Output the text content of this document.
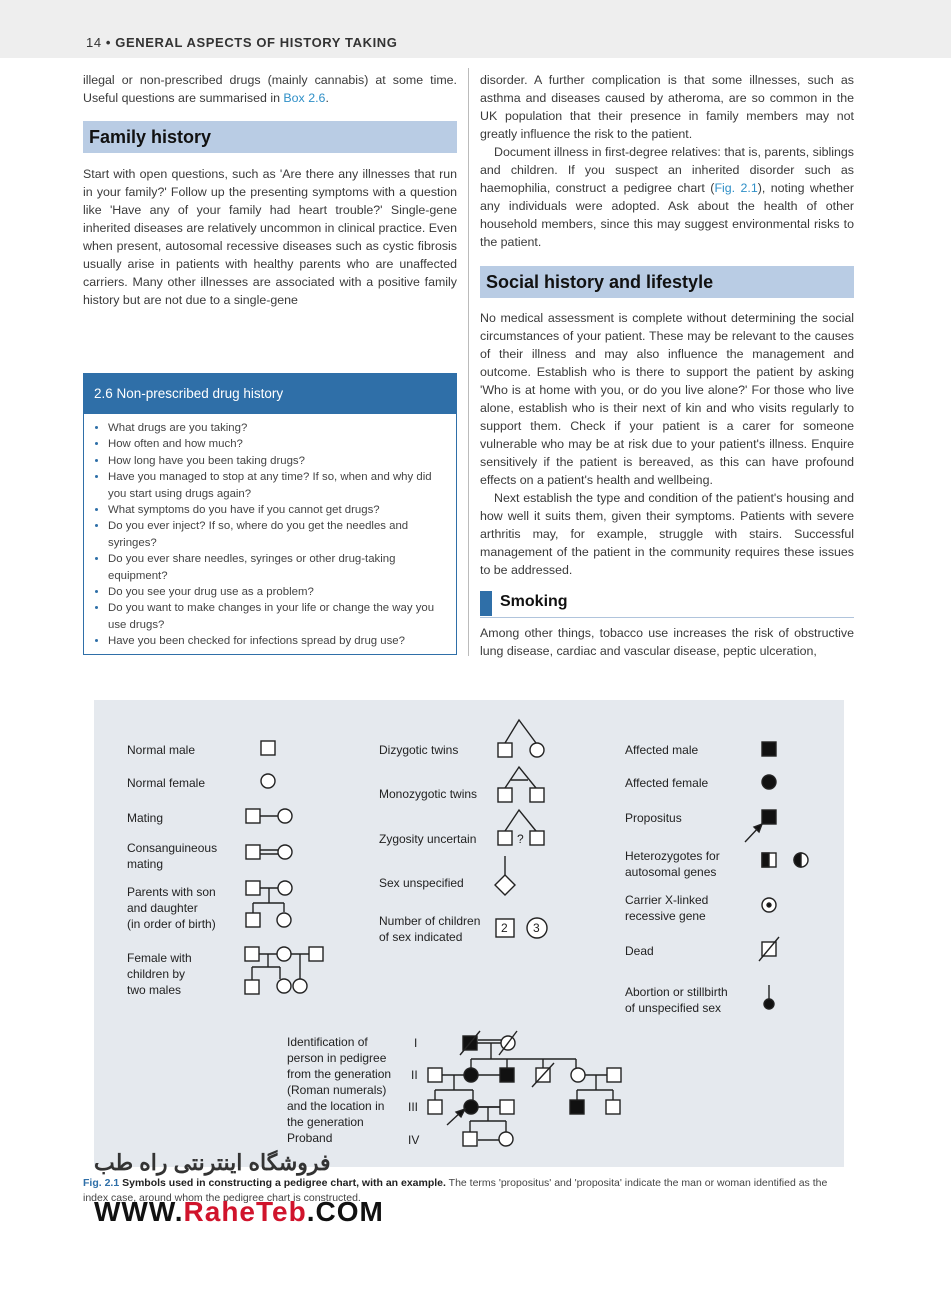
14 • GENERAL ASPECTS OF HISTORY TAKING

illegal or non-prescribed drugs (mainly cannabis) at some time. Useful questions are summarised in Box 2.6.

Family history

Start with open questions, such as 'Are there any illnesses that run in your family?' Follow up the presenting symptoms with a question like 'Have any of your family had heart trouble?' Single-gene inherited diseases are relatively uncommon in clinical practice. Even when present, autosomal recessive diseases such as cystic fibrosis usually arise in patients with healthy parents who are unaffected carriers. Many other illnesses are associated with a positive family history but are not due to a single-gene

2.6 Non-prescribed drug history
• What drugs are you taking?
• How often and how much?
• How long have you been taking drugs?
• Have you managed to stop at any time? If so, when and why did you start using drugs again?
• What symptoms do you have if you cannot get drugs?
• Do you ever inject? If so, where do you get the needles and syringes?
• Do you ever share needles, syringes or other drug-taking equipment?
• Do you see your drug use as a problem?
• Do you want to make changes in your life or change the way you use drugs?
• Have you been checked for infections spread by drug use?

disorder. A further complication is that some illnesses, such as asthma and diseases caused by atheroma, are so common in the UK population that their presence in family members may not greatly influence the risk to the patient.

Document illness in first-degree relatives: that is, parents, siblings and children. If you suspect an inherited disorder such as haemophilia, construct a pedigree chart (Fig. 2.1), noting whether any individuals were adopted. Ask about the health of other household members, since this may suggest environmental risks to the patient.

Social history and lifestyle

No medical assessment is complete without determining the social circumstances of your patient. These may be relevant to the causes of their illness and may also influence the management and outcome. Establish who is there to support the patient by asking 'Who is at home with you, or do you live alone?' For those who live alone, establish who is their next of kin and who visits regularly to support them. Check if your patient is a carer for someone vulnerable who may be at risk due to your patient's illness. Enquire sensitively if the patient is bereaved, as this can have profound effects on a patient's health and wellbeing.

Next establish the type and condition of the patient's housing and how well it suits them, given their symptoms. Patients with severe arthritis may, for example, struggle with stairs. Successful management of the patient in the community requires these issues to be addressed.

Smoking

Among other things, tobacco use increases the risk of obstructive lung disease, cardiac and vascular disease, peptic ulceration,

Normal male
Normal female
Mating
Consanguineous
mating
Parents with son
and daughter
(in order of birth)
Female with
children by
two males
Dizygotic twins
Monozygotic twins
Zygosity uncertain
Sex unspecified
Number of children
of sex indicated
?
2 3
Affected male
Affected female
Propositus
Heterozygotes for
autosomal genes
Carrier X-linked
recessive gene
Dead
Abortion or stillbirth
of unspecified sex
Identification of
person in pedigree
from the generation
(Roman numerals)
and the location in
the generation
Proband
I
II
III
IV
Fig. 2.1 Symbols used in constructing a pedigree chart, with an example. The terms 'propositus' and 'proposita' indicate the man or woman identified as the index case, around whom the pedigree chart is constructed.
فروشگاه اینترنتی راه طب
WWW.RaheTeb.COM
